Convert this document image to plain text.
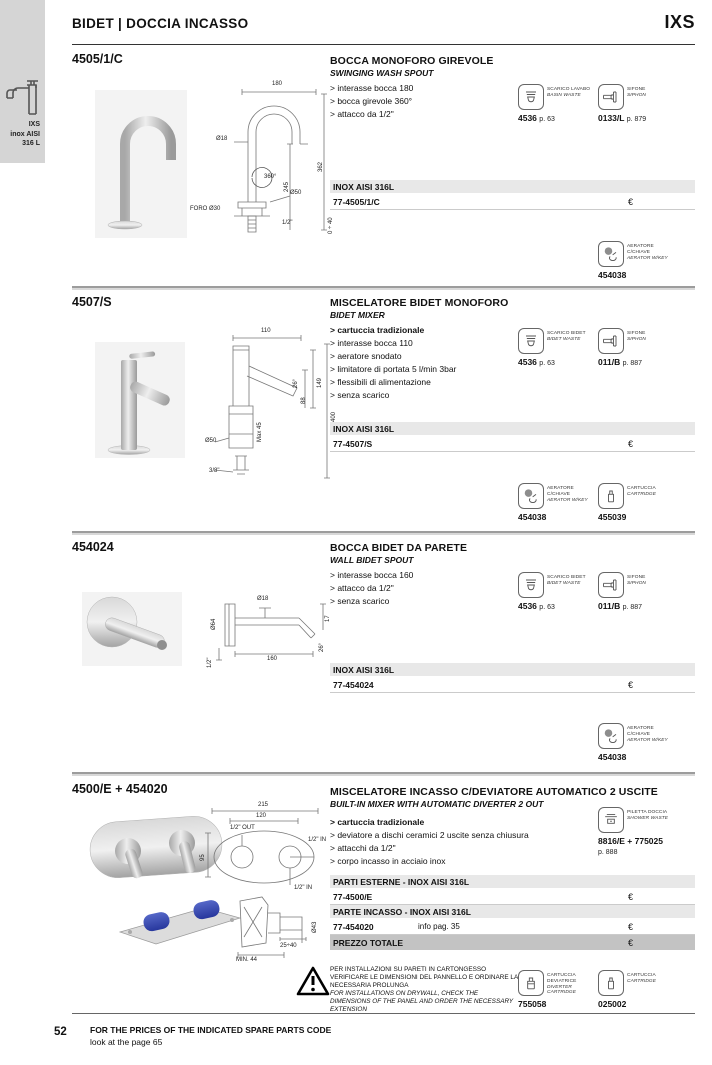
IXS
inox AISI
316 L
BIDET | DOCCIA INCASSO	IXS
4505/1/C
180
Ø18
360°
245
362
Ø50
FORO Ø30
1/2"	0 ÷ 40
BOCCA MONOFORO GIREVOLE
SWINGING WASH SPOUT
> interasse bocca 180
> bocca girevole 360°
> attacco da 1/2"
SCARICO LAVABO
BASIN WASTE
4536 p. 63
SIFONE
SIPHON
0133/L p. 879
INOX AISI 316L
77-4505/1/C	€
AERATORE C/CHIAVE
AERATOR W/KEY
454038
4507/S
110
26°	149
88
Max 45
400
Ø50
3/8"
MISCELATORE BIDET MONOFORO
BIDET MIXER
> cartuccia tradizionale
> interasse bocca 110
> aeratore snodato
> limitatore di portata 5 l/min 3bar
> flessibili di alimentazione
> senza scarico
SCARICO BIDET
BIDET WASTE
4536 p. 63
SIFONE
SIPHON
011/B p. 887
INOX AISI 316L
77-4507/S	€
AERATORE C/CHIAVE
AERATOR W/KEY
454038
CARTUCCIA
CARTRIDGE
455039
454024
Ø64
Ø18
17
160
1/2"
26°
BOCCA BIDET DA PARETE
WALL BIDET SPOUT
> interasse bocca 160
> attacco da 1/2"
> senza scarico
SCARICO BIDET
BIDET WASTE
4536 p. 63
SIFONE
SIPHON
011/B p. 887
INOX AISI 316L
77-454024	€
AERATORE C/CHIAVE
AERATOR W/KEY
454038
4500/E + 454020
215
120
1/2" OUT
1/2" IN
95
1/2" IN
Ø43
25÷40
MIN. 44
MISCELATORE INCASSO C/DEVIATORE AUTOMATICO 2 USCITE
BUILT-IN MIXER WITH AUTOMATIC DIVERTER 2 OUT
> cartuccia tradizionale
> deviatore a dischi ceramici 2 uscite senza chiusura
> attacchi da 1/2"
> corpo incasso in acciaio inox
PILETTA DOCCIA
SHOWER WASTE
8816/E + 775025
p. 888
PARTI ESTERNE - INOX AISI 316L
77-4500/E	€
PARTE INCASSO - INOX AISI 316L
77-454020	info pag. 35	€
PREZZO TOTALE	€
PER INSTALLAZIONI SU PARETI IN CARTONGESSO VERIFICARE LE DIMENSIONI DEL PANNELLO E ORDINARE LA NECESSARIA PROLUNGA
FOR INSTALLATIONS ON DRYWALL, CHECK THE DIMENSIONS OF THE PANEL AND ORDER THE NECESSARY EXTENSION
CARTUCCIA DEVIATRICE
DIVERTER CARTRIDGE
755058
CARTUCCIA
CARTRIDGE
025002
52	FOR THE PRICES OF THE INDICATED SPARE PARTS CODE
look at the page 65
